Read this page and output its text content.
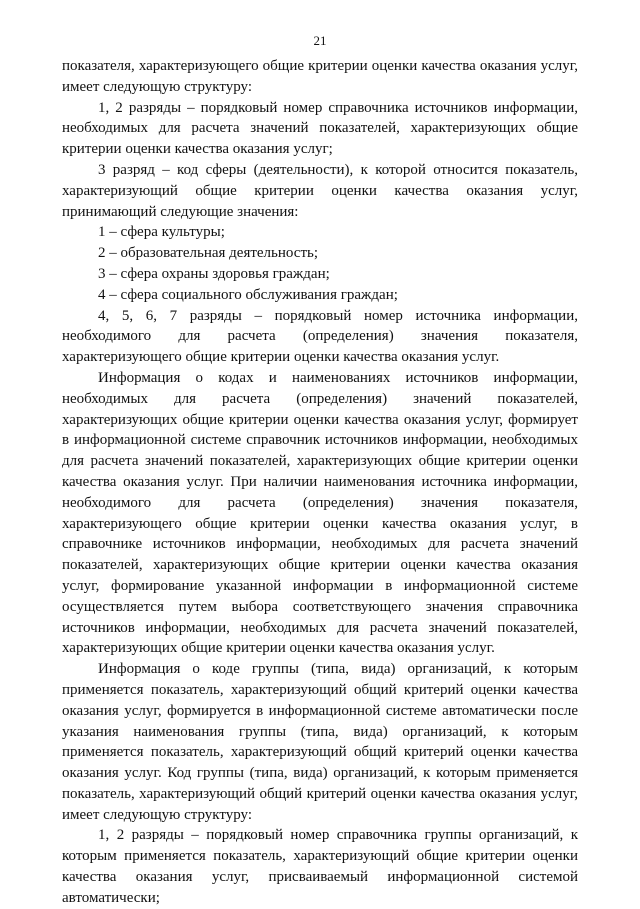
21

показателя, характеризующего общие критерии оценки качества оказания услуг, имеет следующую структуру:

1, 2 разряды – порядковый номер справочника источников информации, необходимых для расчета значений показателей, характеризующих общие критерии оценки качества оказания услуг;

3 разряд – код сферы (деятельности), к которой относится показатель, характеризующий общие критерии оценки качества оказания услуг, принимающий следующие значения:

1 – сфера культуры;

2 – образовательная деятельность;

3 – сфера охраны здоровья граждан;

4 – сфера социального обслуживания граждан;

4, 5, 6, 7 разряды – порядковый номер источника информации, необходимого для расчета (определения) значения показателя, характеризующего общие критерии оценки качества оказания услуг.

Информация о кодах и наименованиях источников информации, необходимых для расчета (определения) значений показателей, характеризующих общие критерии оценки качества оказания услуг, формирует в информационной системе справочник источников информации, необходимых для расчета значений показателей, характеризующих общие критерии оценки качества оказания услуг. При наличии наименования источника информации, необходимого для расчета (определения) значения показателя, характеризующего общие критерии оценки качества оказания услуг, в справочнике источников информации, необходимых для расчета значений показателей, характеризующих общие критерии оценки качества оказания услуг, формирование указанной информации в информационной системе осуществляется путем выбора соответствующего значения справочника источников информации, необходимых для расчета значений показателей, характеризующих общие критерии оценки качества оказания услуг.

Информация о коде группы (типа, вида) организаций, к которым применяется показатель, характеризующий общий критерий оценки качества оказания услуг, формируется в информационной системе автоматически после указания наименования группы (типа, вида) организаций, к которым применяется показатель, характеризующий общий критерий оценки качества оказания услуг. Код группы (типа, вида) организаций, к которым применяется показатель, характеризующий общий критерий оценки качества оказания услуг, имеет следующую структуру:

1, 2 разряды – порядковый номер справочника группы организаций, к которым применяется показатель, характеризующий общие критерии оценки качества оказания услуг, присваиваемый информационной системой автоматически;
